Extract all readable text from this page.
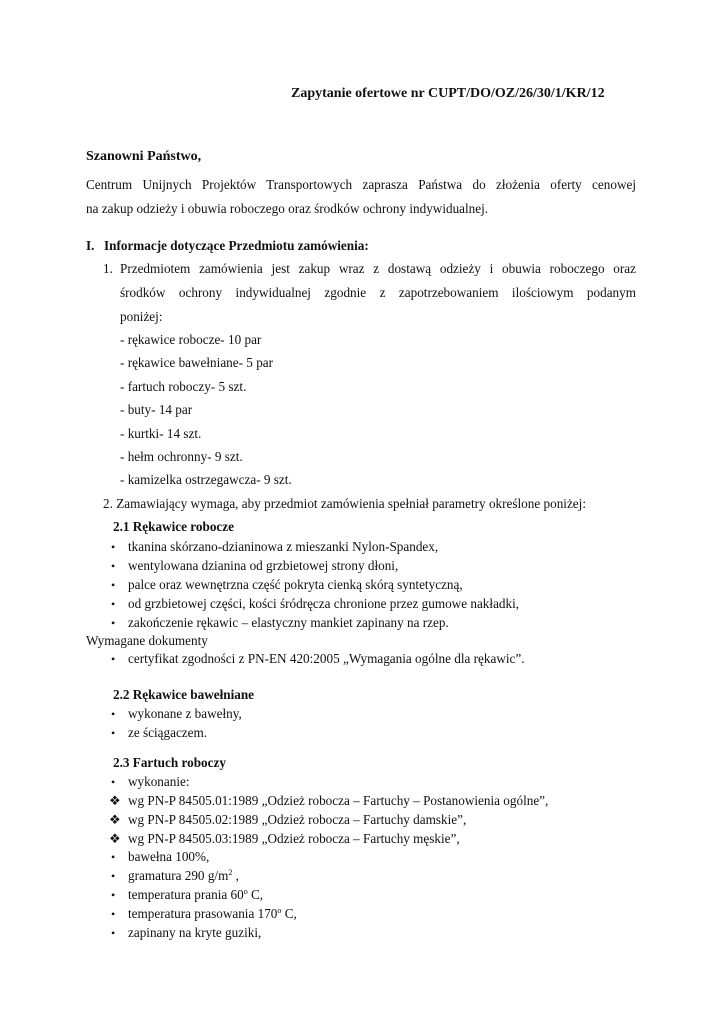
Zapytanie ofertowe nr CUPT/DO/OZ/26/30/1/KR/12
Szanowni Państwo,
Centrum Unijnych Projektów Transportowych zaprasza Państwa do złożenia oferty cenowej
na zakup odzieży i obuwia roboczego oraz środków ochrony indywidualnej.
I. Informacje dotyczące Przedmiotu zamówienia:
1. Przedmiotem zamówienia jest zakup wraz z dostawą odzieży i obuwia roboczego oraz
środków ochrony indywidualnej zgodnie z zapotrzebowaniem ilościowym podanym
poniżej:
- rękawice robocze- 10 par
- rękawice bawełniane- 5 par
- fartuch roboczy- 5 szt.
- buty- 14 par
- kurtki- 14 szt.
- hełm ochronny- 9 szt.
- kamizelka ostrzegawcza- 9 szt.
2. Zamawiający wymaga, aby przedmiot zamówienia spełniał parametry określone poniżej:
2.1 Rękawice robocze
• tkanina skórzano-dzianinowa z mieszanki Nylon-Spandex,
• wentylowana dzianina od grzbietowej strony dłoni,
• palce oraz wewnętrzna część pokryta cienką skórą syntetyczną,
• od grzbietowej części, kości śródręcza chronione przez gumowe nakładki,
• zakończenie rękawic – elastyczny mankiet zapinany na rzep.
Wymagane dokumenty
• certyfikat zgodności z PN-EN 420:2005 „Wymagania ogólne dla rękawic”.
2.2 Rękawice bawełniane
• wykonane z bawełny,
• ze ściągaczem.
2.3 Fartuch roboczy
• wykonanie:
❖ wg PN-P 84505.01:1989 „Odzież robocza – Fartuchy – Postanowienia ogólne”,
❖ wg PN-P 84505.02:1989 „Odzież robocza – Fartuchy damskie”,
❖ wg PN-P 84505.03:1989 „Odzież robocza – Fartuchy męskie”,
• bawełna 100%,
• gramatura 290 $g/m^2$ ,
• temperatura prania 60$^o$ C,
• temperatura prasowania 170$^o$ C,
• zapinany na kryte guziki,
